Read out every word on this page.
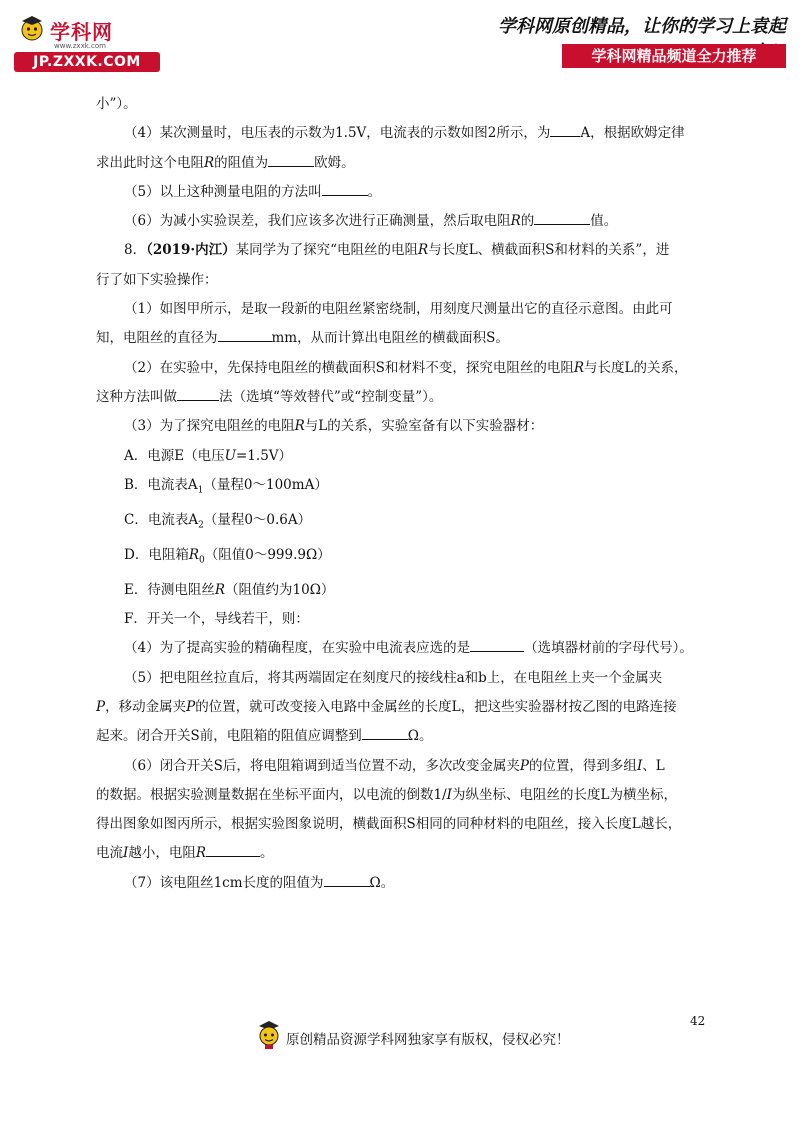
学科网
www.zxxk.com
JP.ZXXK.COM
学科网原创精品，让你的学习上袁起
学科网精品频道全力推荐

小”）。

（4）某次测量时，电压表的示数为1.5V，电流表的示数如图2所示，为 A，根据欧姆定律

求出此时这个电阻R的阻值为	欧姆。

（5）以上这种测量电阻的方法叫	。

（6）为减小实验误差，我们应该多次进行正确测量，然后取电阻R的	值。

8．（2019·内江）某同学为了探究“电阻丝的电阻R与长度L、横截面积S和材料的关系”，进

行了如下实验操作：

（1）如图甲所示，是取一段新的电阻丝紧密绕制，用刻度尺测量出它的直径示意图。由此可

知，电阻丝的直径为	mm，从而计算出电阻丝的横截面积S。

（2）在实验中，先保持电阻丝的横截面积S和材料不变，探究电阻丝的电阻R与长度L的关系，

这种方法叫做	法（选填“等效替代”或“控制变量”）。

（3）为了探究电阻丝的电阻R与L的关系，实验室备有以下实验器材：

A．电源E（电压U=1.5V）

B．电流表$A_1$（量程0～100mA）

C．电流表$A_2$（量程0～0.6A）

D．电阻箱$R_0$（阻值0～999.9Ω）

E．待测电阻丝R（阻值约为10Ω）

F．开关一个，导线若干，则：

（4）为了提高实验的精确程度，在实验中电流表应选的是	（选填器材前的字母代号）。

（5）把电阻丝拉直后，将其两端固定在刻度尺的接线柱a和b上，在电阻丝上夹一个金属夹

P，移动金属夹P的位置，就可改变接入电路中金属丝的长度L，把这些实验器材按乙图的电路连接

起来。闭合开关S前，电阻箱的阻值应调整到	Ω。

（6）闭合开关S后，将电阻箱调到适当位置不动，多次改变金属夹P的位置，得到多组I、L

的数据。根据实验测量数据在坐标平面内，以电流的倒数1/I为纵坐标、电阻丝的长度L为横坐标，

得出图象如图丙所示，根据实验图象说明，横截面积S相同的同种材料的电阻丝，接入长度L越长，

电流I越小，电阻R	。

（7）该电阻丝1cm长度的阻值为	Ω。

42
原创精品资源学科网独家享有版权，侵权必究！
